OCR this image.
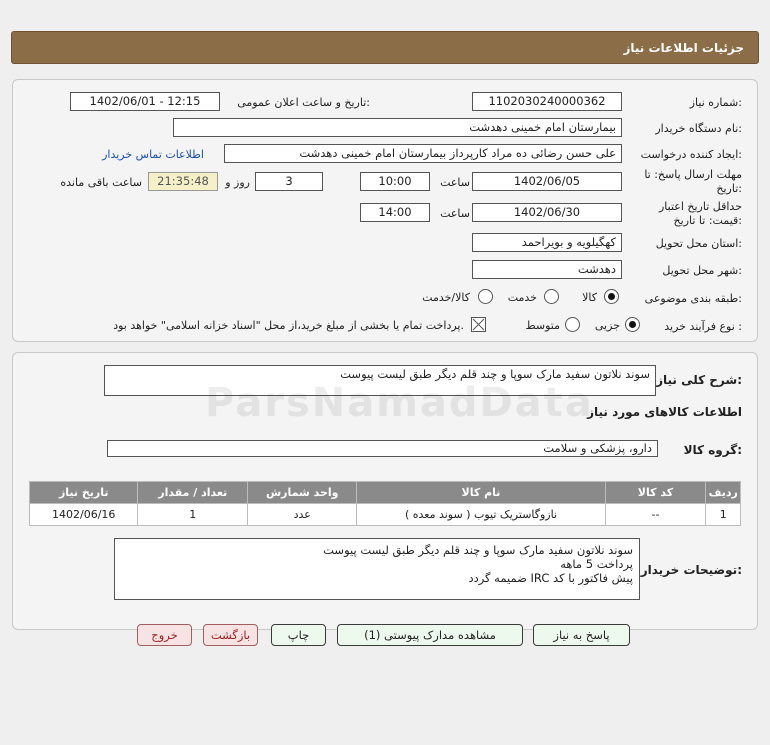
جزئیات اطلاعات نیاز
شماره نیاز:
1102030240000362
تاریخ و ساعت اعلان عمومی:
1402/06/01 - 12:15
نام دستگاه خریدار:
بیمارستان امام خمینی دهدشت
ایجاد کننده درخواست:
علی حسن رضائی ده مراد کارپرداز بیمارستان امام خمینی دهدشت
اطلاعات تماس خریدار
مهلت ارسال پاسخ: تا تاریخ:
1402/06/05
ساعت
10:00
3
روز و
21:35:48
ساعت باقی مانده
حداقل تاریخ اعتبار قیمت: تا تاریخ:
1402/06/30
ساعت
14:00
استان محل تحویل:
کهگیلویه و بویراحمد
شهر محل تحویل:
دهدشت
طبقه بندی موضوعی:
کالا
خدمت
کالا/خدمت
نوع فرآیند خرید :
جزیی
متوسط
پرداخت تمام یا بخشی از مبلغ خرید،از محل "اسناد خزانه اسلامی" خواهد بود.
شرح کلی نیاز:
سوند نلاتون سفید مارک سوپا و چند قلم دیگر طبق لیست پیوست
اطلاعات کالاهای مورد نیاز
گروه کالا:
دارو، پزشکی و سلامت
ردیف	کد کالا	نام کالا	واحد شمارش	تعداد / مقدار	تاریخ نیاز
1	--	نازوگاستریک تیوب ( سوند معده )	عدد	1	1402/06/16
توضیحات خریدار:
سوند نلاتون سفید مارک سوپا و چند قلم دیگر طبق لیست پیوست
پرداخت 5 ماهه
پیش فاکتور با کد IRC ضمیمه گردد
پاسخ به نیاز
مشاهده مدارک پیوستی (1)
چاپ
بازگشت
خروج
